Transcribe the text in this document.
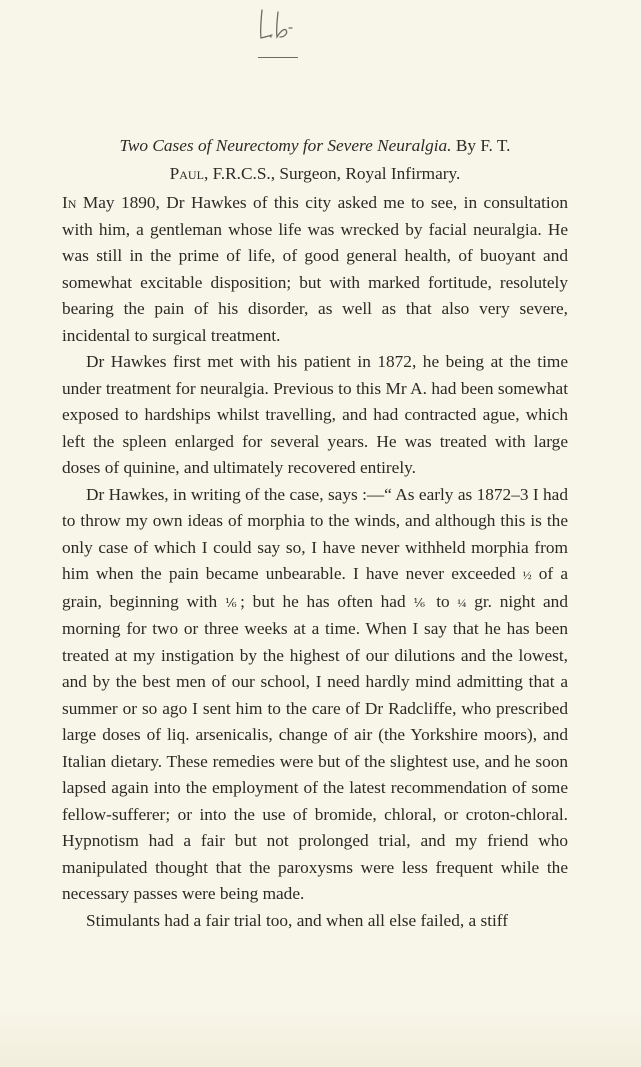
Two Cases of Neurectomy for Severe Neuralgia. By F. T.
Paul, F.R.C.S., Surgeon, Royal Infirmary.

In May 1890, Dr Hawkes of this city asked me to see, in consultation with him, a gentleman whose life was wrecked by facial neuralgia. He was still in the prime of life, of good general health, of buoyant and somewhat excitable disposition; but with marked fortitude, resolutely bearing the pain of his disorder, as well as that also very severe, incidental to surgical treatment.

Dr Hawkes first met with his patient in 1872, he being at the time under treatment for neuralgia. Previous to this Mr A. had been somewhat exposed to hardships whilst travelling, and had contracted ague, which left the spleen enlarged for several years. He was treated with large doses of quinine, and ultimately recovered entirely.

Dr Hawkes, in writing of the case, says :—“ As early as 1872–3 I had to throw my own ideas of morphia to the winds, and although this is the only case of which I could say so, I have never withheld morphia from him when the pain became unbearable. I have never exceeded ½ of a grain, beginning with ⅙; but he has often had ⅙ to ¼ gr. night and morning for two or three weeks at a time. When I say that he has been treated at my instigation by the highest of our dilutions and the lowest, and by the best men of our school, I need hardly mind admitting that a summer or so ago I sent him to the care of Dr Radcliffe, who prescribed large doses of liq. arsenicalis, change of air (the Yorkshire moors), and Italian dietary. These remedies were but of the slightest use, and he soon lapsed again into the employment of the latest recommendation of some fellow-sufferer; or into the use of bromide, chloral, or croton-chloral. Hypnotism had a fair but not prolonged trial, and my friend who manipulated thought that the paroxysms were less frequent while the necessary passes were being made.

Stimulants had a fair trial too, and when all else failed, a stiff
